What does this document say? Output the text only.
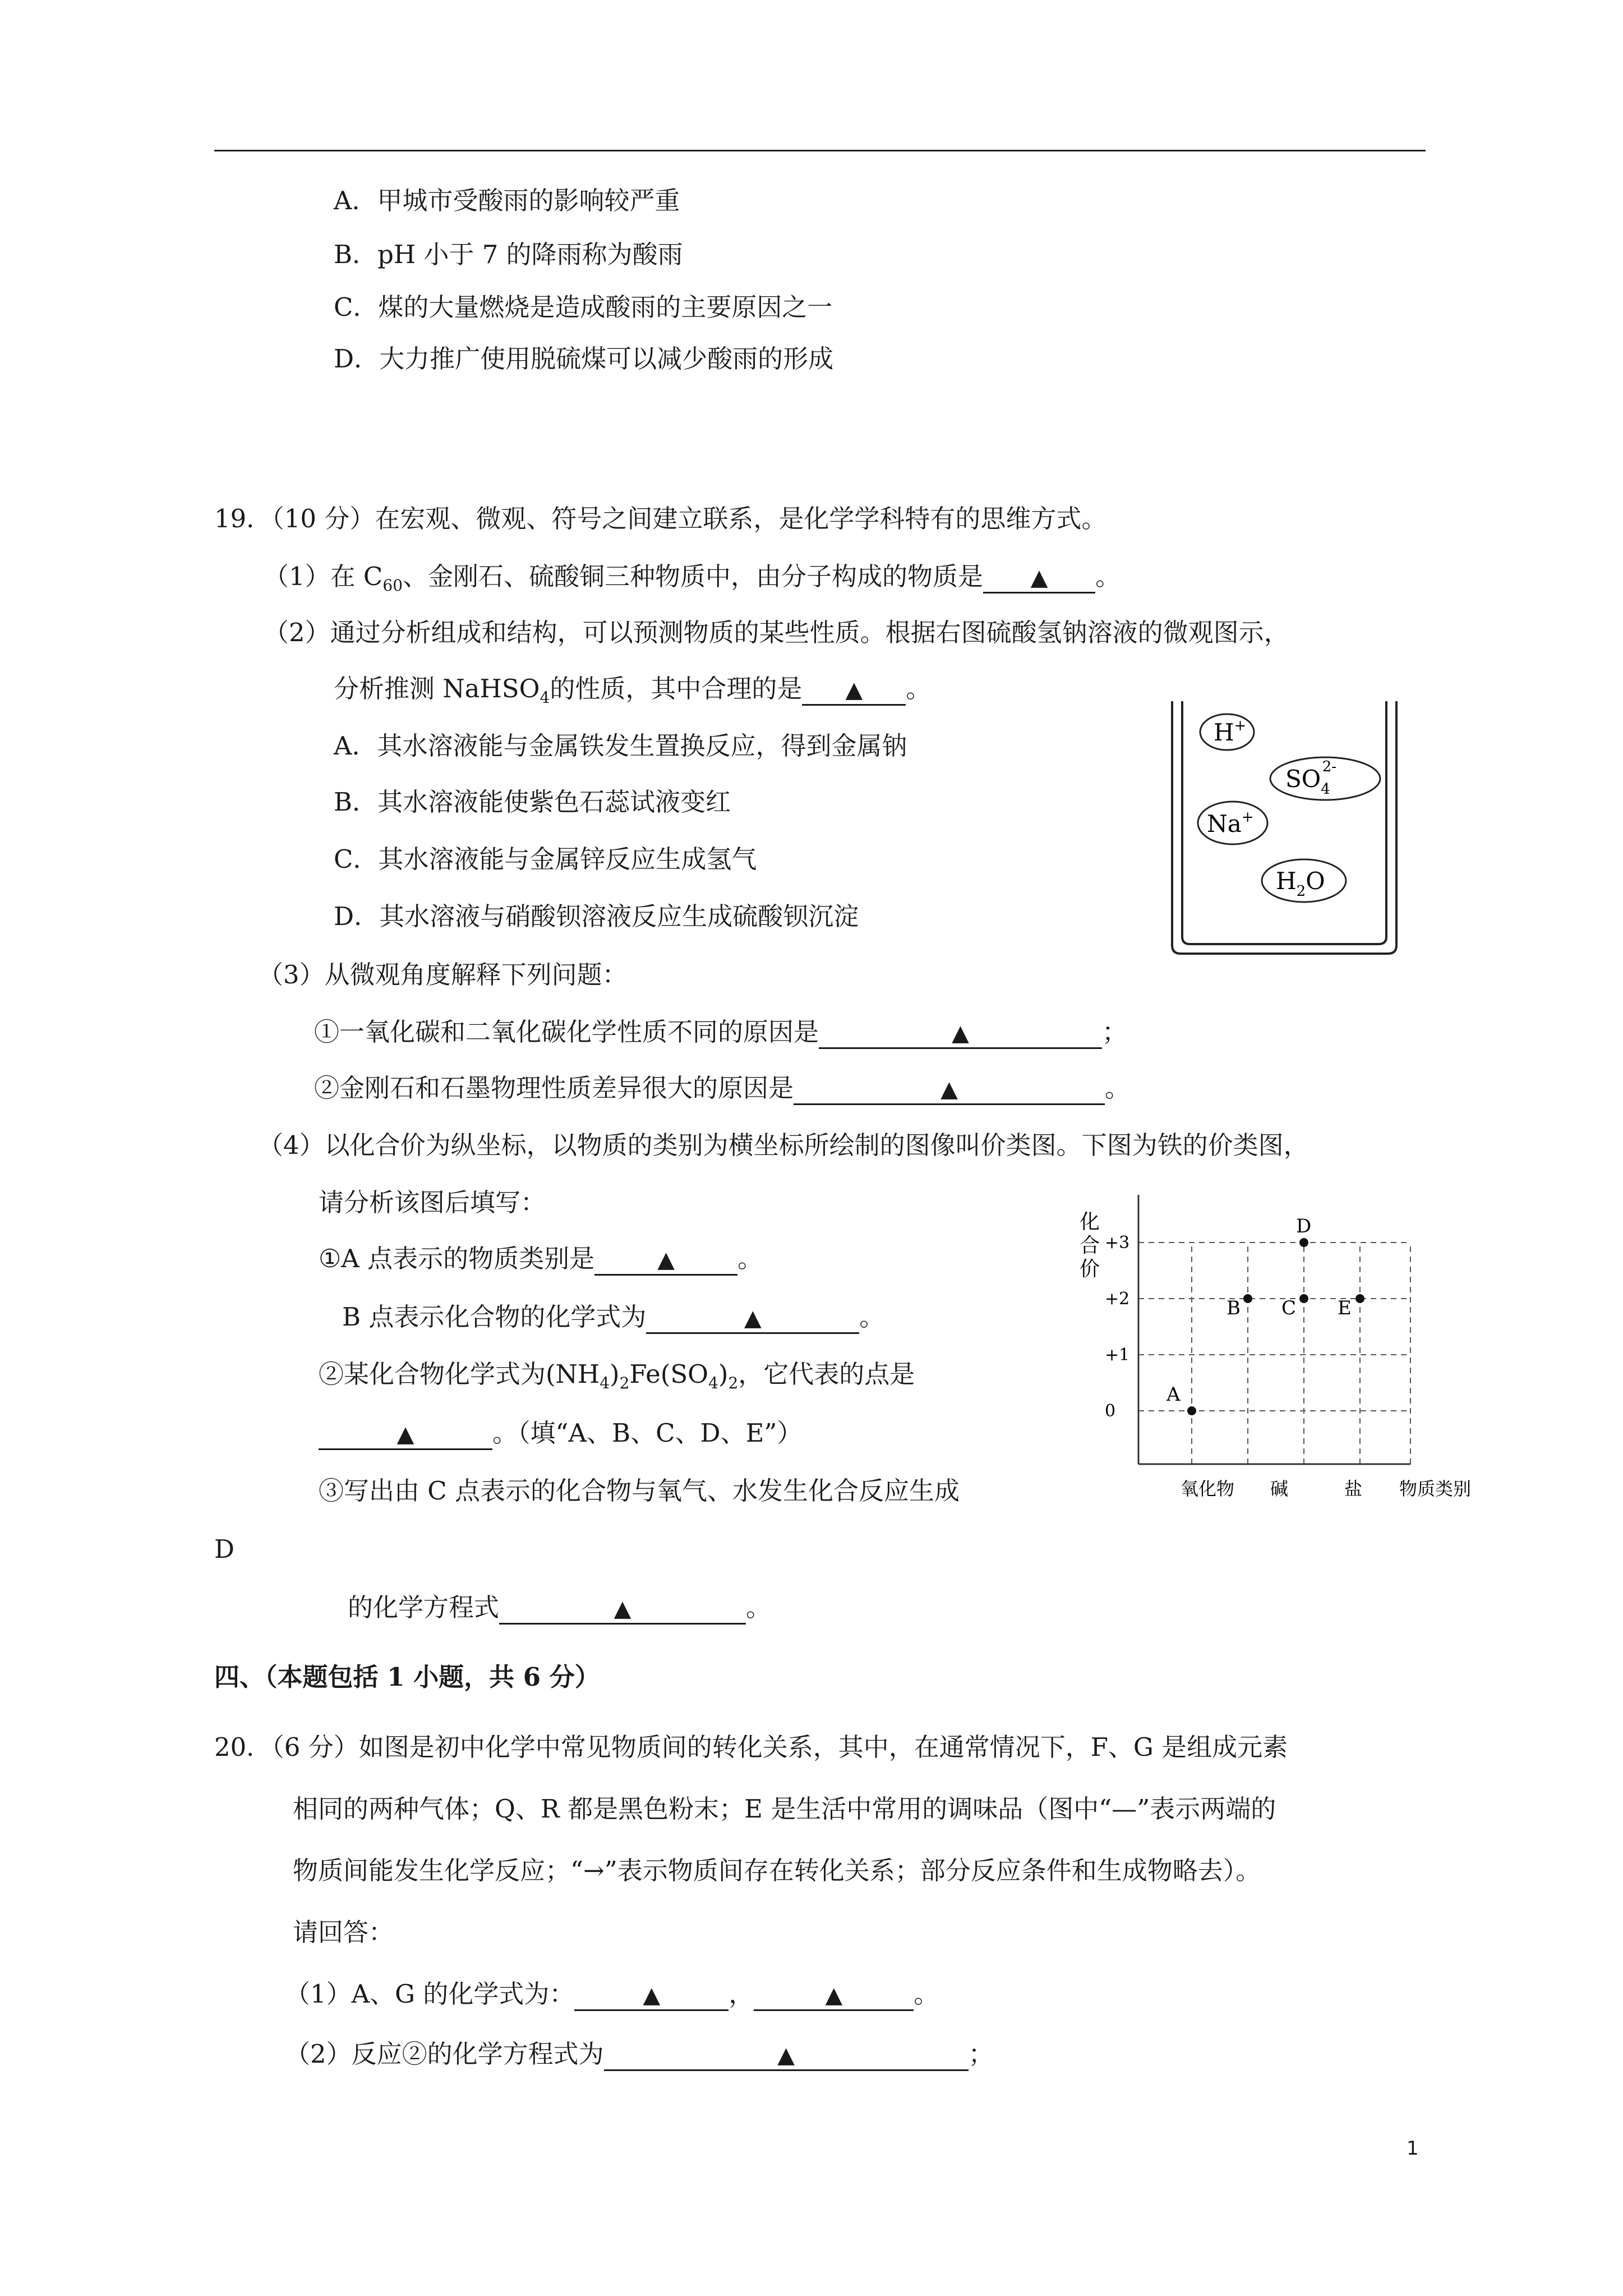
A．甲城市受酸雨的影响较严重
B．pH 小于 7 的降雨称为酸雨
C．煤的大量燃烧是造成酸雨的主要原因之一
D．大力推广使用脱硫煤可以减少酸雨的形成
19．（10 分）在宏观、微观、符号之间建立联系，是化学学科特有的思维方式。
（1）在 $C_{60}$、金刚石、硫酸铜三种物质中，由分子构成的物质是 ▲ 。
（2）通过分析组成和结构，可以预测物质的某些性质。根据右图硫酸氢钠溶液的微观图示，
分析推测 NaHSO$_4$的性质，其中合理的是 ▲ 。
A．其水溶液能与金属铁发生置换反应，得到金属钠
B．其水溶液能使紫色石蕊试液变红
C．其水溶液能与金属锌反应生成氢气
D．其水溶液与硝酸钡溶液反应生成硫酸钡沉淀
H+
$SO_42-$
Na+
$H_2O$
（3）从微观角度解释下列问题：
①一氧化碳和二氧化碳化学性质不同的原因是	▲	；
②金刚石和石墨物理性质差异很大的原因是	▲	。
（4）以化合价为纵坐标，以物质的类别为横坐标所绘制的图像叫价类图。下图为铁的价类图，
请分析该图后填写：
①A 点表示的物质类别是	▲ 。
B 点表示化合物的化学式为	▲	。
②某化合物化学式为$(NH_4)_2Fe(SO_4)_2$，它代表的点是
▲	。（填“A、B、C、D、E”）
③写出由 C 点表示的化合物与氧气、水发生化合反应生成
D
的化学方程式	▲	。
化
合
价
+3
+2
+1
0
氧化物 碱	盐 物质类别
A
B C
D
E
四、（本题包括 1 小题，共 6 分）
20．（6 分）如图是初中化学中常见物质间的转化关系，其中，在通常情况下，F、G 是组成元素
相同的两种气体；Q、R 都是黑色粉末；E 是生活中常用的调味品（图中“—”表示两端的
物质间能发生化学反应；“→”表示物质间存在转化关系；部分反应条件和生成物略去）。
请回答：
（1）A、G 的化学式为：	▲	，	▲	。
（2）反应②的化学方程式为	▲	；
1
